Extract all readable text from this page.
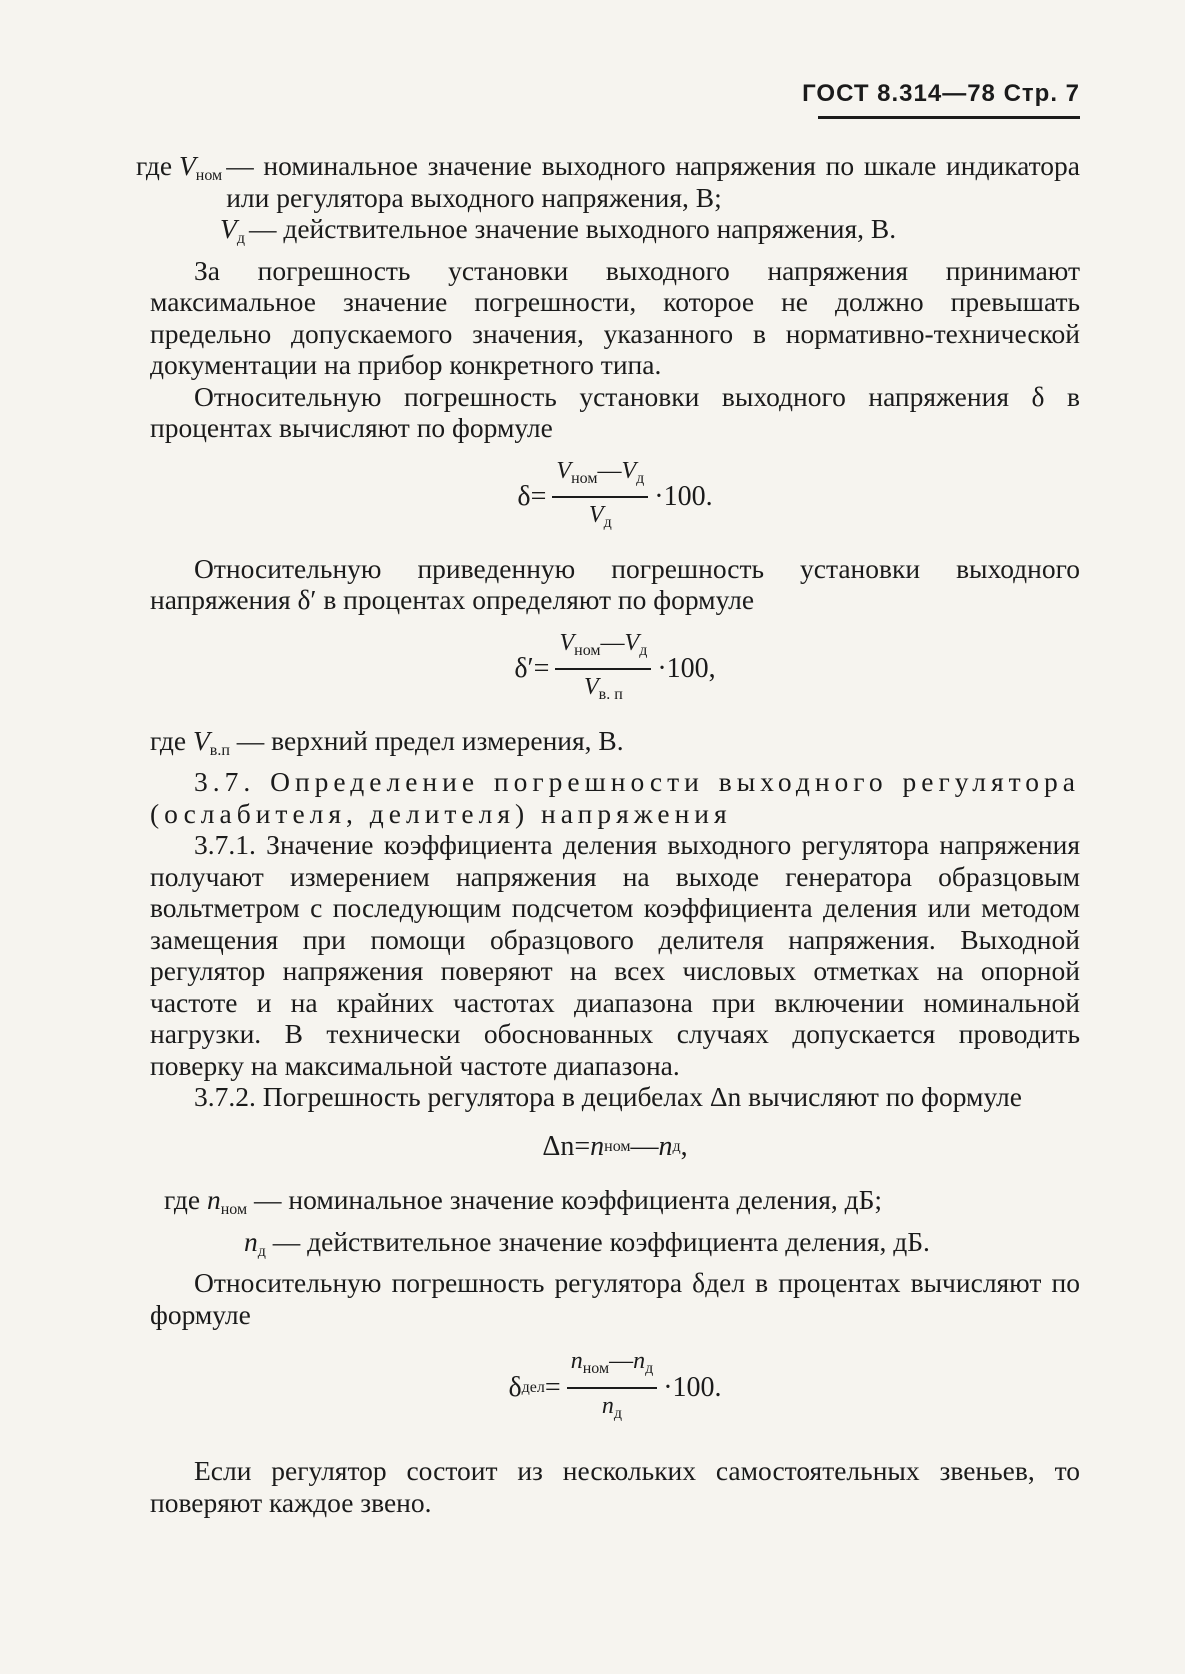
ГОСТ 8.314—78 Стр. 7
где $V_{ном}$ — номинальное значение выходного напряжения по шкале индикатора или регулятора выходного напряжения, В;
$V_д$ — действительное значение выходного напряжения, В.

За погрешность установки выходного напряжения принимают максимальное значение погрешности, которое не должно превышать предельно допускаемого значения, указанного в нормативно-технической документации на прибор конкретного типа.

Относительную погрешность установки выходного напряжения δ в процентах вычисляют по формуле

$\delta= \frac{V_{ном}—V_д}{V_д} \cdot 100$.

Относительную приведенную погрешность установки выходного напряжения δ′ в процентах определяют по формуле

$\delta'= \frac{V_{ном}—V_д}{V_{в. п}} \cdot 100$,

где $V_{в.п}$ — верхний предел измерения, В.

3.7. Определение погрешности выходного регулятора (ослабителя, делителя) напряжения

3.7.1. Значение коэффициента деления выходного регулятора напряжения получают измерением напряжения на выходе генератора образцовым вольтметром с последующим подсчетом коэффициента деления или методом замещения при помощи образцового делителя напряжения. Выходной регулятор напряжения поверяют на всех числовых отметках на опорной частоте и на крайних частотах диапазона при включении номинальной нагрузки. В технически обоснованных случаях допускается проводить поверку на максимальной частоте диапазона.

3.7.2. Погрешность регулятора в децибелах Δn вычисляют по формуле

Δn= n ном — n д ,
где $n_{ном}$ — номинальное значение коэффициента деления, дБ;
$n_д$ — действительное значение коэффициента деления, дБ.

Относительную погрешность регулятора δдел в процентах вычисляют по формуле

δ дел = $\frac{n_{ном}—n_д}{n_д} \cdot 100$.

Если регулятор состоит из нескольких самостоятельных звеньев, то поверяют каждое звено.
